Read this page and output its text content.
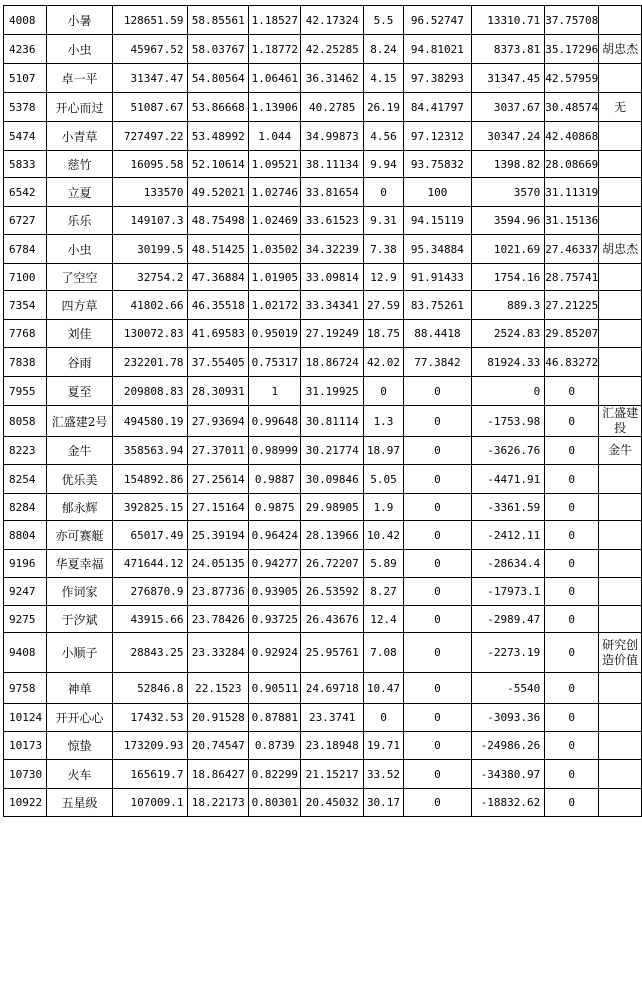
4008	小暑	128651.59	58.85561	1.18527	42.17324	5.5	96.52747	13310.71	37.75708	
4236	小虫	45967.52	58.03767	1.18772	42.25285	8.24	94.81021	8373.81	35.17296	胡忠杰
5107	卓一平	31347.47	54.80564	1.06461	36.31462	4.15	97.38293	31347.45	42.57959	
5378	开心而过	51087.67	53.86668	1.13906	40.2785	26.19	84.41797	3037.67	30.48574	无
5474	小青草	727497.22	53.48992	1.044	34.99873	4.56	97.12312	30347.24	42.40868	
5833	慈竹	16095.58	52.10614	1.09521	38.11134	9.94	93.75832	1398.82	28.08669	
6542	立夏	133570	49.52021	1.02746	33.81654	0	100	3570	31.11319	
6727	乐乐	149107.3	48.75498	1.02469	33.61523	9.31	94.15119	3594.96	31.15136	
6784	小虫	30199.5	48.51425	1.03502	34.32239	7.38	95.34884	1021.69	27.46337	胡忠杰
7100	了空空	32754.2	47.36884	1.01905	33.09814	12.9	91.91433	1754.16	28.75741	
7354	四方草	41802.66	46.35518	1.02172	33.34341	27.59	83.75261	889.3	27.21225	
7768	刘佳	130072.83	41.69583	0.95019	27.19249	18.75	88.4418	2524.83	29.85207	
7838	谷雨	232201.78	37.55405	0.75317	18.86724	42.02	77.3842	81924.33	46.83272	
7955	夏至	209808.83	28.30931	1	31.19925	0	0	0	0	
8058	汇盛建2号	494580.19	27.93694	0.99648	30.81114	1.3	0	-1753.98	0	汇盛建投
8223	金牛	358563.94	27.37011	0.98999	30.21774	18.97	0	-3626.76	0	金牛
8254	优乐美	154892.86	27.25614	0.9887	30.09846	5.05	0	-4471.91	0	
8284	郁永辉	392825.15	27.15164	0.9875	29.98905	1.9	0	-3361.59	0	
8804	亦可赛艇	65017.49	25.39194	0.96424	28.13966	10.42	0	-2412.11	0	
9196	华夏幸福	471644.12	24.05135	0.94277	26.72207	5.89	0	-28634.4	0	
9247	作词家	276870.9	23.87736	0.93905	26.53592	8.27	0	-17973.1	0	
9275	于汐斌	43915.66	23.78426	0.93725	26.43676	12.4	0	-2989.47	0	
9408	小顺子	28843.25	23.33284	0.92924	25.95761	7.08	0	-2273.19	0	研究创造价值
9758	神单	52846.8	22.1523	0.90511	24.69718	10.47	0	-5540	0	
10124	开开心心	17432.53	20.91528	0.87881	23.3741	0	0	-3093.36	0	
10173	惊蛰	173209.93	20.74547	0.8739	23.18948	19.71	0	-24986.26	0	
10730	火车	165619.7	18.86427	0.82299	21.15217	33.52	0	-34380.97	0	
10922	五星级	107009.1	18.22173	0.80301	20.45032	30.17	0	-18832.62	0	
